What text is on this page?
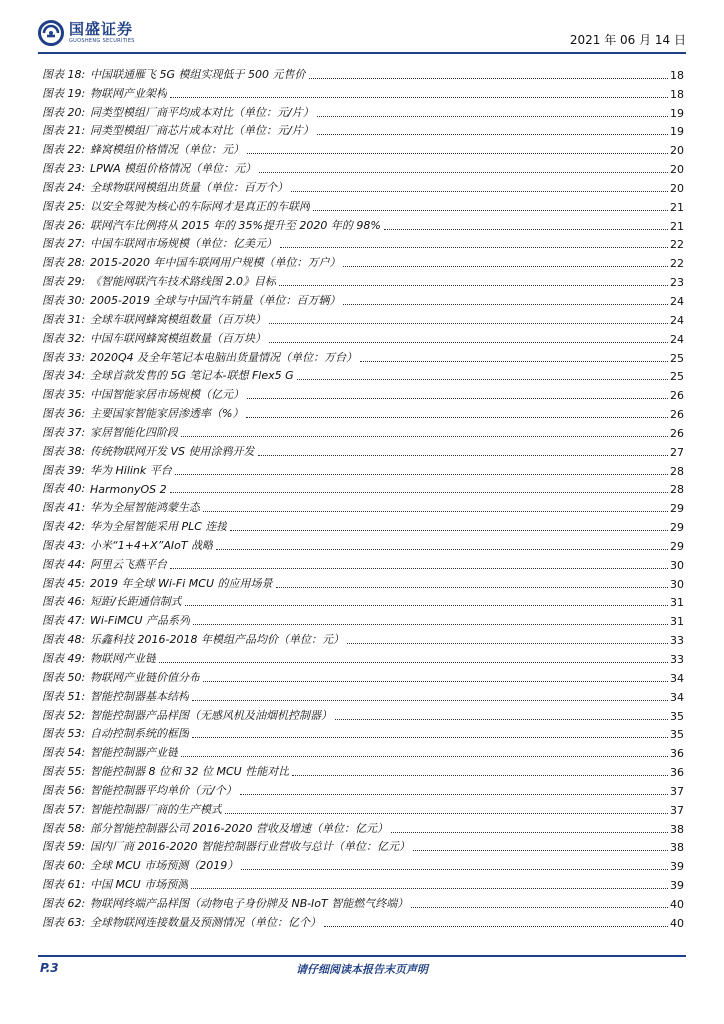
国盛证券
GUOSHENG SECURITIES	2021 年 06 月 14 日
图表 18: 中国联通雁飞 5G 模组实现低于 500 元售价	18
图表 19: 物联网产业架构	18
图表 20: 同类型模组厂商平均成本对比（单位：元/片）	19
图表 21: 同类型模组厂商芯片成本对比（单位：元/片）	19
图表 22: 蜂窝模组价格情况（单位：元）	20
图表 23: LPWA 模组价格情况（单位：元）	20
图表 24: 全球物联网模组出货量（单位：百万个）	20
图表 25: 以安全驾驶为核心的车际网才是真正的车联网	21
图表 26: 联网汽车比例将从 2015 年的 35%提升至 2020 年的 98%	21
图表 27: 中国车联网市场规模（单位：亿美元）	22
图表 28: 2015-2020 年中国车联网用户规模（单位：万户）	22
图表 29: 《智能网联汽车技术路线图 2.0》目标	23
图表 30: 2005-2019 全球与中国汽车销量（单位：百万辆）	24
图表 31: 全球车联网蜂窝模组数量（百万块）	24
图表 32: 中国车联网蜂窝模组数量（百万块）	24
图表 33: 2020Q4 及全年笔记本电脑出货量情况（单位：万台）	25
图表 34: 全球首款发售的 5G 笔记本-联想 Flex5 G	25
图表 35: 中国智能家居市场规模（亿元）	26
图表 36: 主要国家智能家居渗透率（%）	26
图表 37: 家居智能化四阶段	26
图表 38: 传统物联网开发 VS 使用涂鸦开发	27
图表 39: 华为 Hilink 平台	28
图表 40: HarmonyOS 2	28
图表 41: 华为全屋智能鸿蒙生态	29
图表 42: 华为全屋智能采用 PLC 连接	29
图表 43: 小米“1+4+X”AIoT 战略	29
图表 44: 阿里云飞燕平台	30
图表 45: 2019 年全球 Wi-Fi MCU 的应用场景	30
图表 46: 短距/长距通信制式	31
图表 47: Wi-FiMCU 产品系列	31
图表 48: 乐鑫科技 2016-2018 年模组产品均价（单位：元）	33
图表 49: 物联网产业链	33
图表 50: 物联网产业链价值分布	34
图表 51: 智能控制器基本结构	34
图表 52: 智能控制器产品样图（无感风机及油烟机控制器）	35
图表 53: 自动控制系统的框图	35
图表 54: 智能控制器产业链	36
图表 55: 智能控制器 8 位和 32 位 MCU 性能对比	36
图表 56: 智能控制器平均单价（元/个）	37
图表 57: 智能控制器厂商的生产模式	37
图表 58: 部分智能控制器公司 2016-2020 营收及增速（单位：亿元）	38
图表 59: 国内厂商 2016-2020 智能控制器行业营收与总计（单位：亿元）	38
图表 60: 全球 MCU 市场预测（2019）	39
图表 61: 中国 MCU 市场预测	39
图表 62: 物联网终端产品样图（动物电子身份牌及 NB-IoT 智能燃气终端）	40
图表 63: 全球物联网连接数量及预测情况（单位：亿个）	40
P.3	请仔细阅读本报告末页声明
